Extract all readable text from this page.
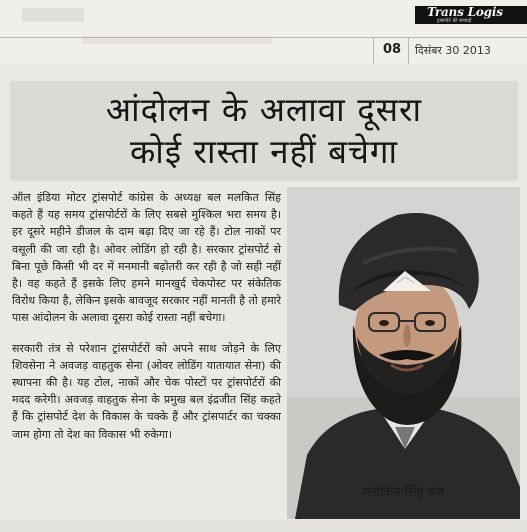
Trans Logis
ट्रांसपोर्ट की सच्चाई
08 दिसंबर 30 2013
आंदोलन के अलावा दूसरा
कोई रास्ता नहीं बचेगा

ऑल इंडिया मोटर ट्रांसपोर्ट कांग्रेस के अध्यक्ष बल मलकित सिंह कहते हैं यह समय ट्रांसपोर्टरों के लिए सबसे मुश्किल भरा समय है। हर दूसरे महीने डीजल के दाम बढ़ा दिए जा रहे हैं। टोल नाकों पर वसूली की जा रही है। ओवर लोडिंग हो रही है। सरकार ट्रांसपोर्ट से बिना पूछे किसी भी दर में मनमानी बढ़ोतरी कर रही है जो सही नहीं है। वह कहते हैं इसके लिए हमने मानखुर्द चेकपोस्ट पर संकेतिक विरोध किया है, लेकिन इसके बावजूद सरकार नहीं मानती है तो हमारे पास आंदोलन के अलावा दूसरा कोई रास्ता नहीं बचेगा।

सरकारी तंत्र से परेशान ट्रांसपोर्टरों को अपने साथ जोड़ने के लिए शिवसेना ने अवजड़ वाहतुक सेना (ओवर लोडिंग यातायात सेना) की स्थापना की है। यह टोल, नाकों और चेक पोस्टों पर ट्रांसपोर्टरों की मदद करेगी। अवजड़ वाहतुक सेना के प्रमुख बल इंद्रजीत सिंह कहते हैं कि ट्रांसपोर्ट देश के विकास के चक्के हैं और ट्रांसपार्टर का चक्का जाम होगा तो देश का विकास भी रुकेगा।

मलकित सिंह बल
